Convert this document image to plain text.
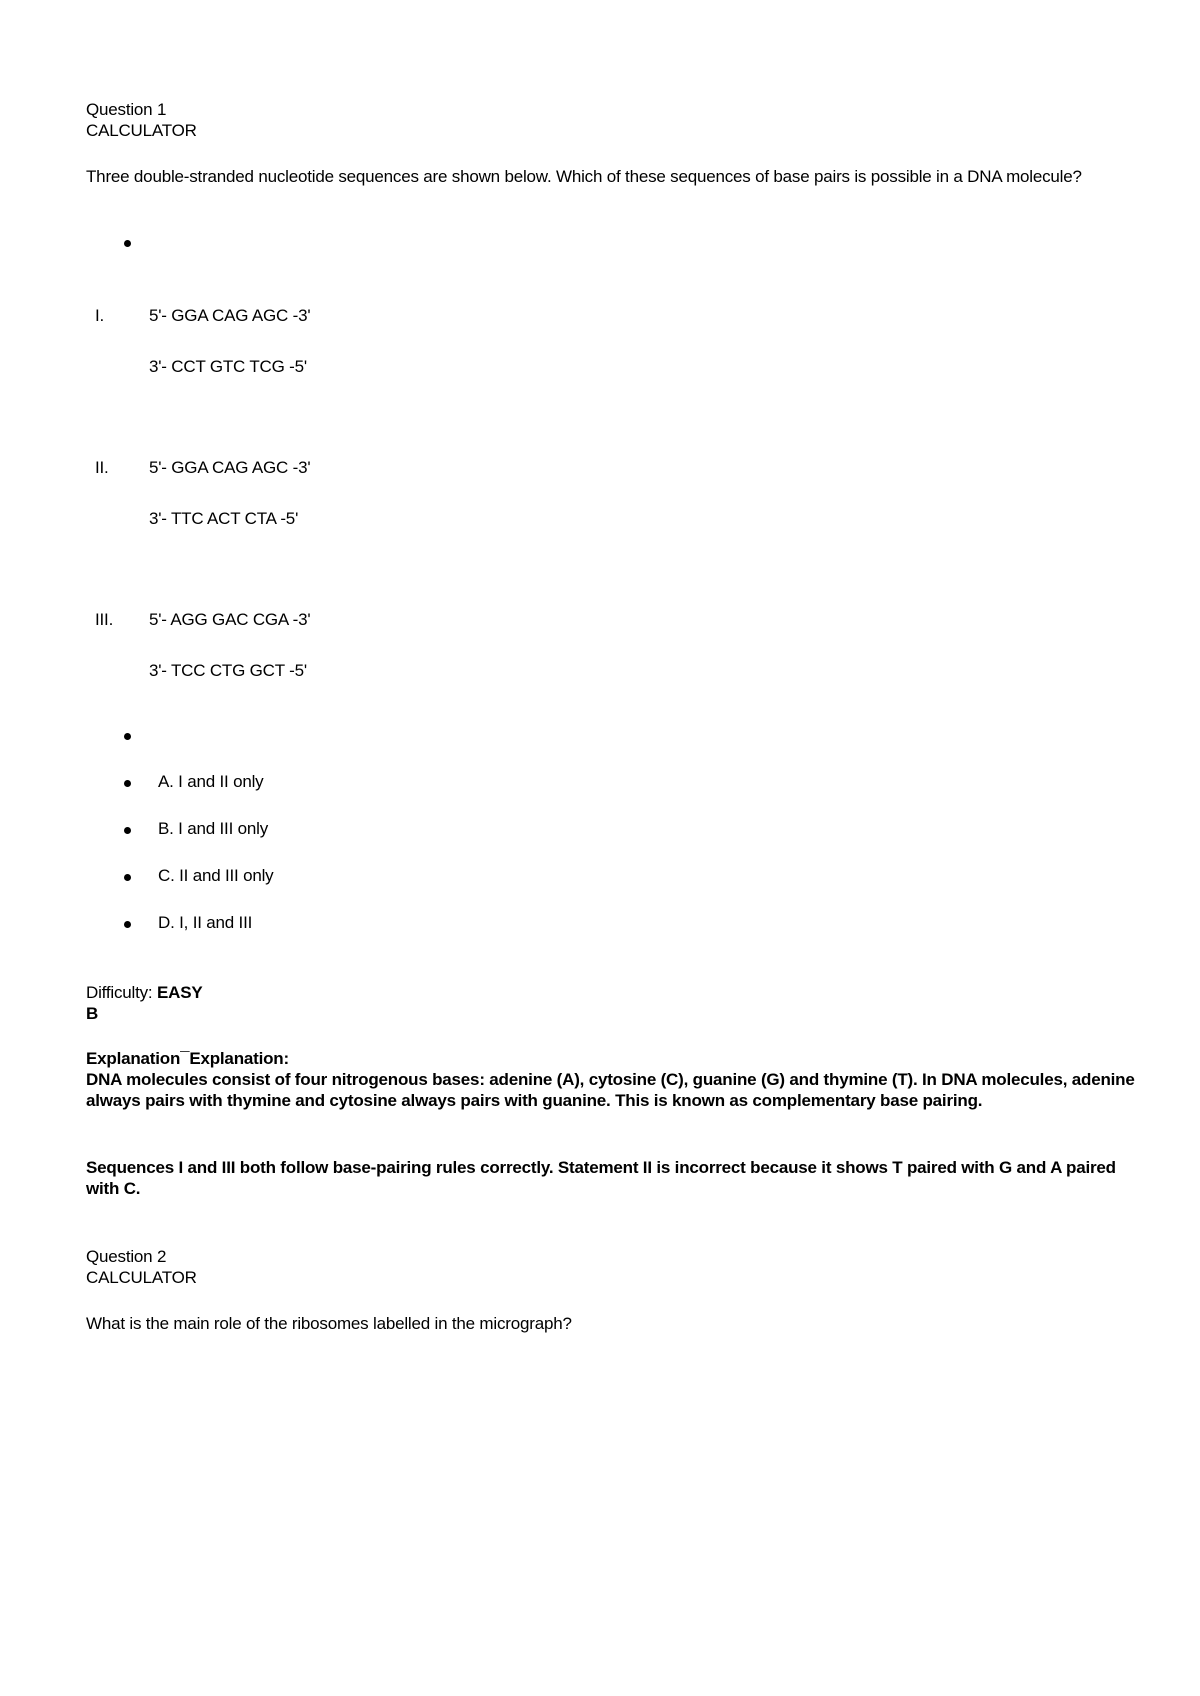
Question 1
CALCULATOR
Three double-stranded nucleotide sequences are shown below. Which of these sequences of base pairs is possible in a DNA molecule?
I.	5'- GGA CAG AGC -3'
3'- CCT GTC TCG -5'
II. 5'- GGA CAG AGC -3'
3'- TTC ACT CTA -5'
III. 5'- AGG GAC CGA -3'
3'- TCC CTG GCT -5'
A. I and II only
B. I and III only
C. II and III only
D. I, II and III
Difficulty: EASY
B
Explanation¯Explanation:
DNA molecules consist of four nitrogenous bases: adenine (A), cytosine (C), guanine (G) and thymine (T). In DNA molecules, adenine always pairs with thymine and cytosine always pairs with guanine. This is known as complementary base pairing.
Sequences I and III both follow base-pairing rules correctly. Statement II is incorrect because it shows T paired with G and A paired with C.
Question 2
CALCULATOR
What is the main role of the ribosomes labelled in the micrograph?
